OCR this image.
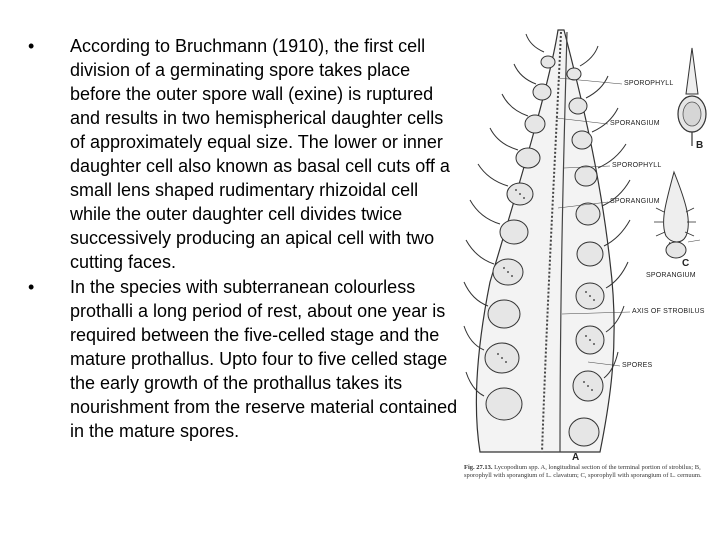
•	According to Bruchmann (1910), the first cell division of a germinating spore takes place before the outer spore wall (exine) is ruptured and results in two hemispherical daughter cells of approximately equal size. The lower or inner daughter cell also known as basal cell cuts off a small lens shaped rudimentary rhizoidal cell while the outer daughter cell divides twice successively producing an apical cell with two cutting faces.
•	In the species with subterranean colourless prothalli a long period of rest, about one year is required between the five-celled stage and the mature prothallus. Upto four to five celled stage the early growth of the prothallus takes its nourishment from the reserve material contained in the mature spores.
SPOROPHYLL
SPORANGIUM
B
SPOROPHYLL
SPORANGIUM
C
SPORANGIUM
AXIS OF STROBILUS
SPORES
A
Fig. 27.13. Lycopodium spp. A, longitudinal section of the terminal portion of strobilus; B, sporophyll with sporangium of L. clavatum; C, sporophyll with sporangium of L. cernuum.
